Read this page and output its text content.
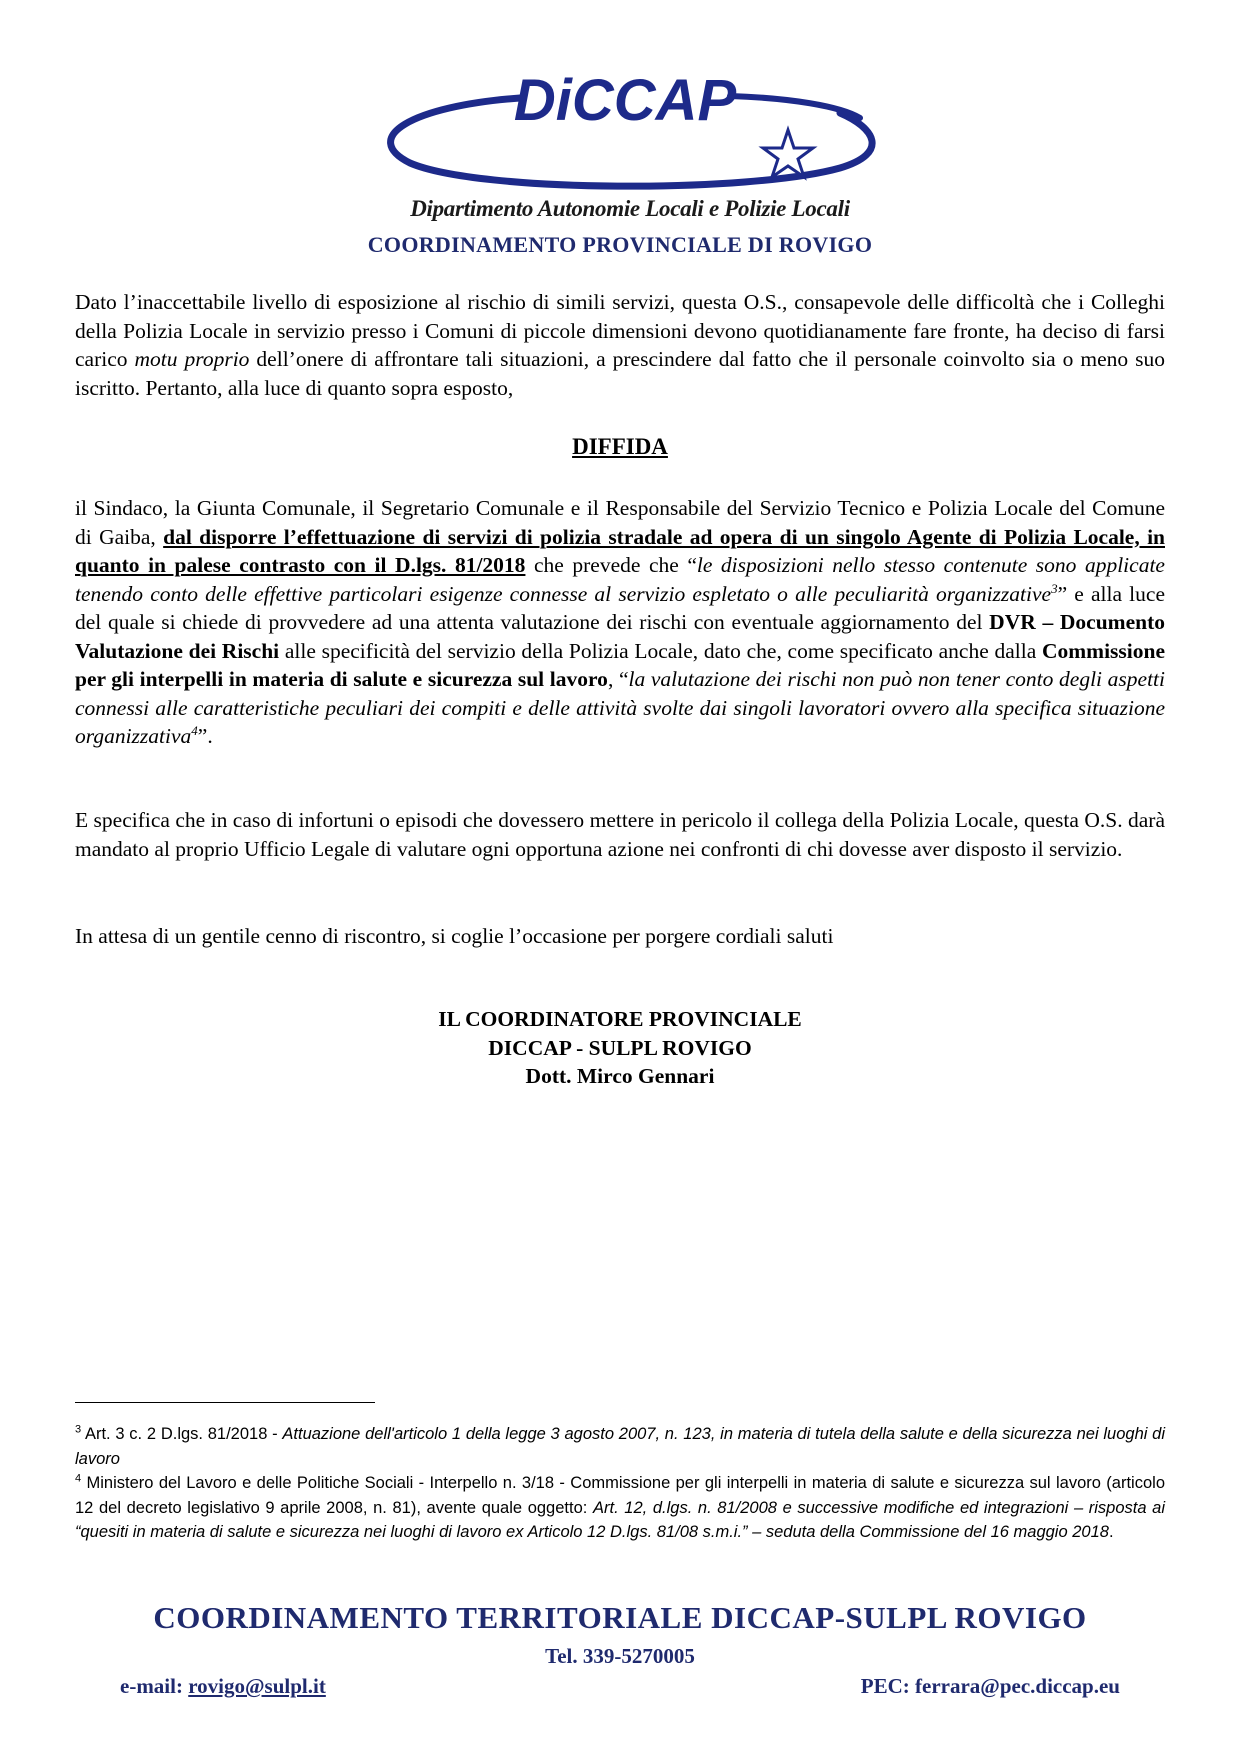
DiCCAP
Dipartimento Autonomie Locali e Polizie Locali
COORDINAMENTO PROVINCIALE DI ROVIGO
Dato l’inaccettabile livello di esposizione al rischio di simili servizi, questa O.S., consapevole delle difficoltà che i Colleghi della Polizia Locale in servizio presso i Comuni di piccole dimensioni devono quotidianamente fare fronte, ha deciso di farsi carico motu proprio dell’onere di affrontare tali situazioni, a prescindere dal fatto che il personale coinvolto sia o meno suo iscritto. Pertanto, alla luce di quanto sopra esposto,
DIFFIDA
il Sindaco, la Giunta Comunale, il Segretario Comunale e il Responsabile del Servizio Tecnico e Polizia Locale del Comune di Gaiba, dal disporre l’effettuazione di servizi di polizia stradale ad opera di un singolo Agente di Polizia Locale, in quanto in palese contrasto con il D.lgs. 81/2018 che prevede che “le disposizioni nello stesso contenute sono applicate tenendo conto delle effettive particolari esigenze connesse al servizio espletato o alle peculiarità organizzative$^3$” e alla luce del quale si chiede di provvedere ad una attenta valutazione dei rischi con eventuale aggiornamento del DVR – Documento Valutazione dei Rischi alle specificità del servizio della Polizia Locale, dato che, come specificato anche dalla Commissione per gli interpelli in materia di salute e sicurezza sul lavoro, “la valutazione dei rischi non può non tener conto degli aspetti connessi alle caratteristiche peculiari dei compiti e delle attività svolte dai singoli lavoratori ovvero alla specifica situazione organizzativa$^4$”.
E specifica che in caso di infortuni o episodi che dovessero mettere in pericolo il collega della Polizia Locale, questa O.S. darà mandato al proprio Ufficio Legale di valutare ogni opportuna azione nei confronti di chi dovesse aver disposto il servizio.
In attesa di un gentile cenno di riscontro, si coglie l’occasione per porgere cordiali saluti
IL COORDINATORE PROVINCIALE
DICCAP - SULPL ROVIGO
Dott. Mirco Gennari

$^3$ Art. 3 c. 2 D.lgs. 81/2018 - Attuazione dell'articolo 1 della legge 3 agosto 2007, n. 123, in materia di tutela della salute e della sicurezza nei luoghi di lavoro

$^4$ Ministero del Lavoro e delle Politiche Sociali - Interpello n. 3/18 - Commissione per gli interpelli in materia di salute e sicurezza sul lavoro (articolo 12 del decreto legislativo 9 aprile 2008, n. 81), avente quale oggetto: Art. 12, d.lgs. n. 81/2008 e successive modifiche ed integrazioni – risposta ai “quesiti in materia di salute e sicurezza nei luoghi di lavoro ex Articolo 12 D.lgs. 81/08 s.m.i.” – seduta della Commissione del 16 maggio 2018.

COORDINAMENTO TERRITORIALE DICCAP-SULPL ROVIGO
Tel. 339-5270005
e-mail: rovigo@sulpl.it	PEC: ferrara@pec.diccap.eu
